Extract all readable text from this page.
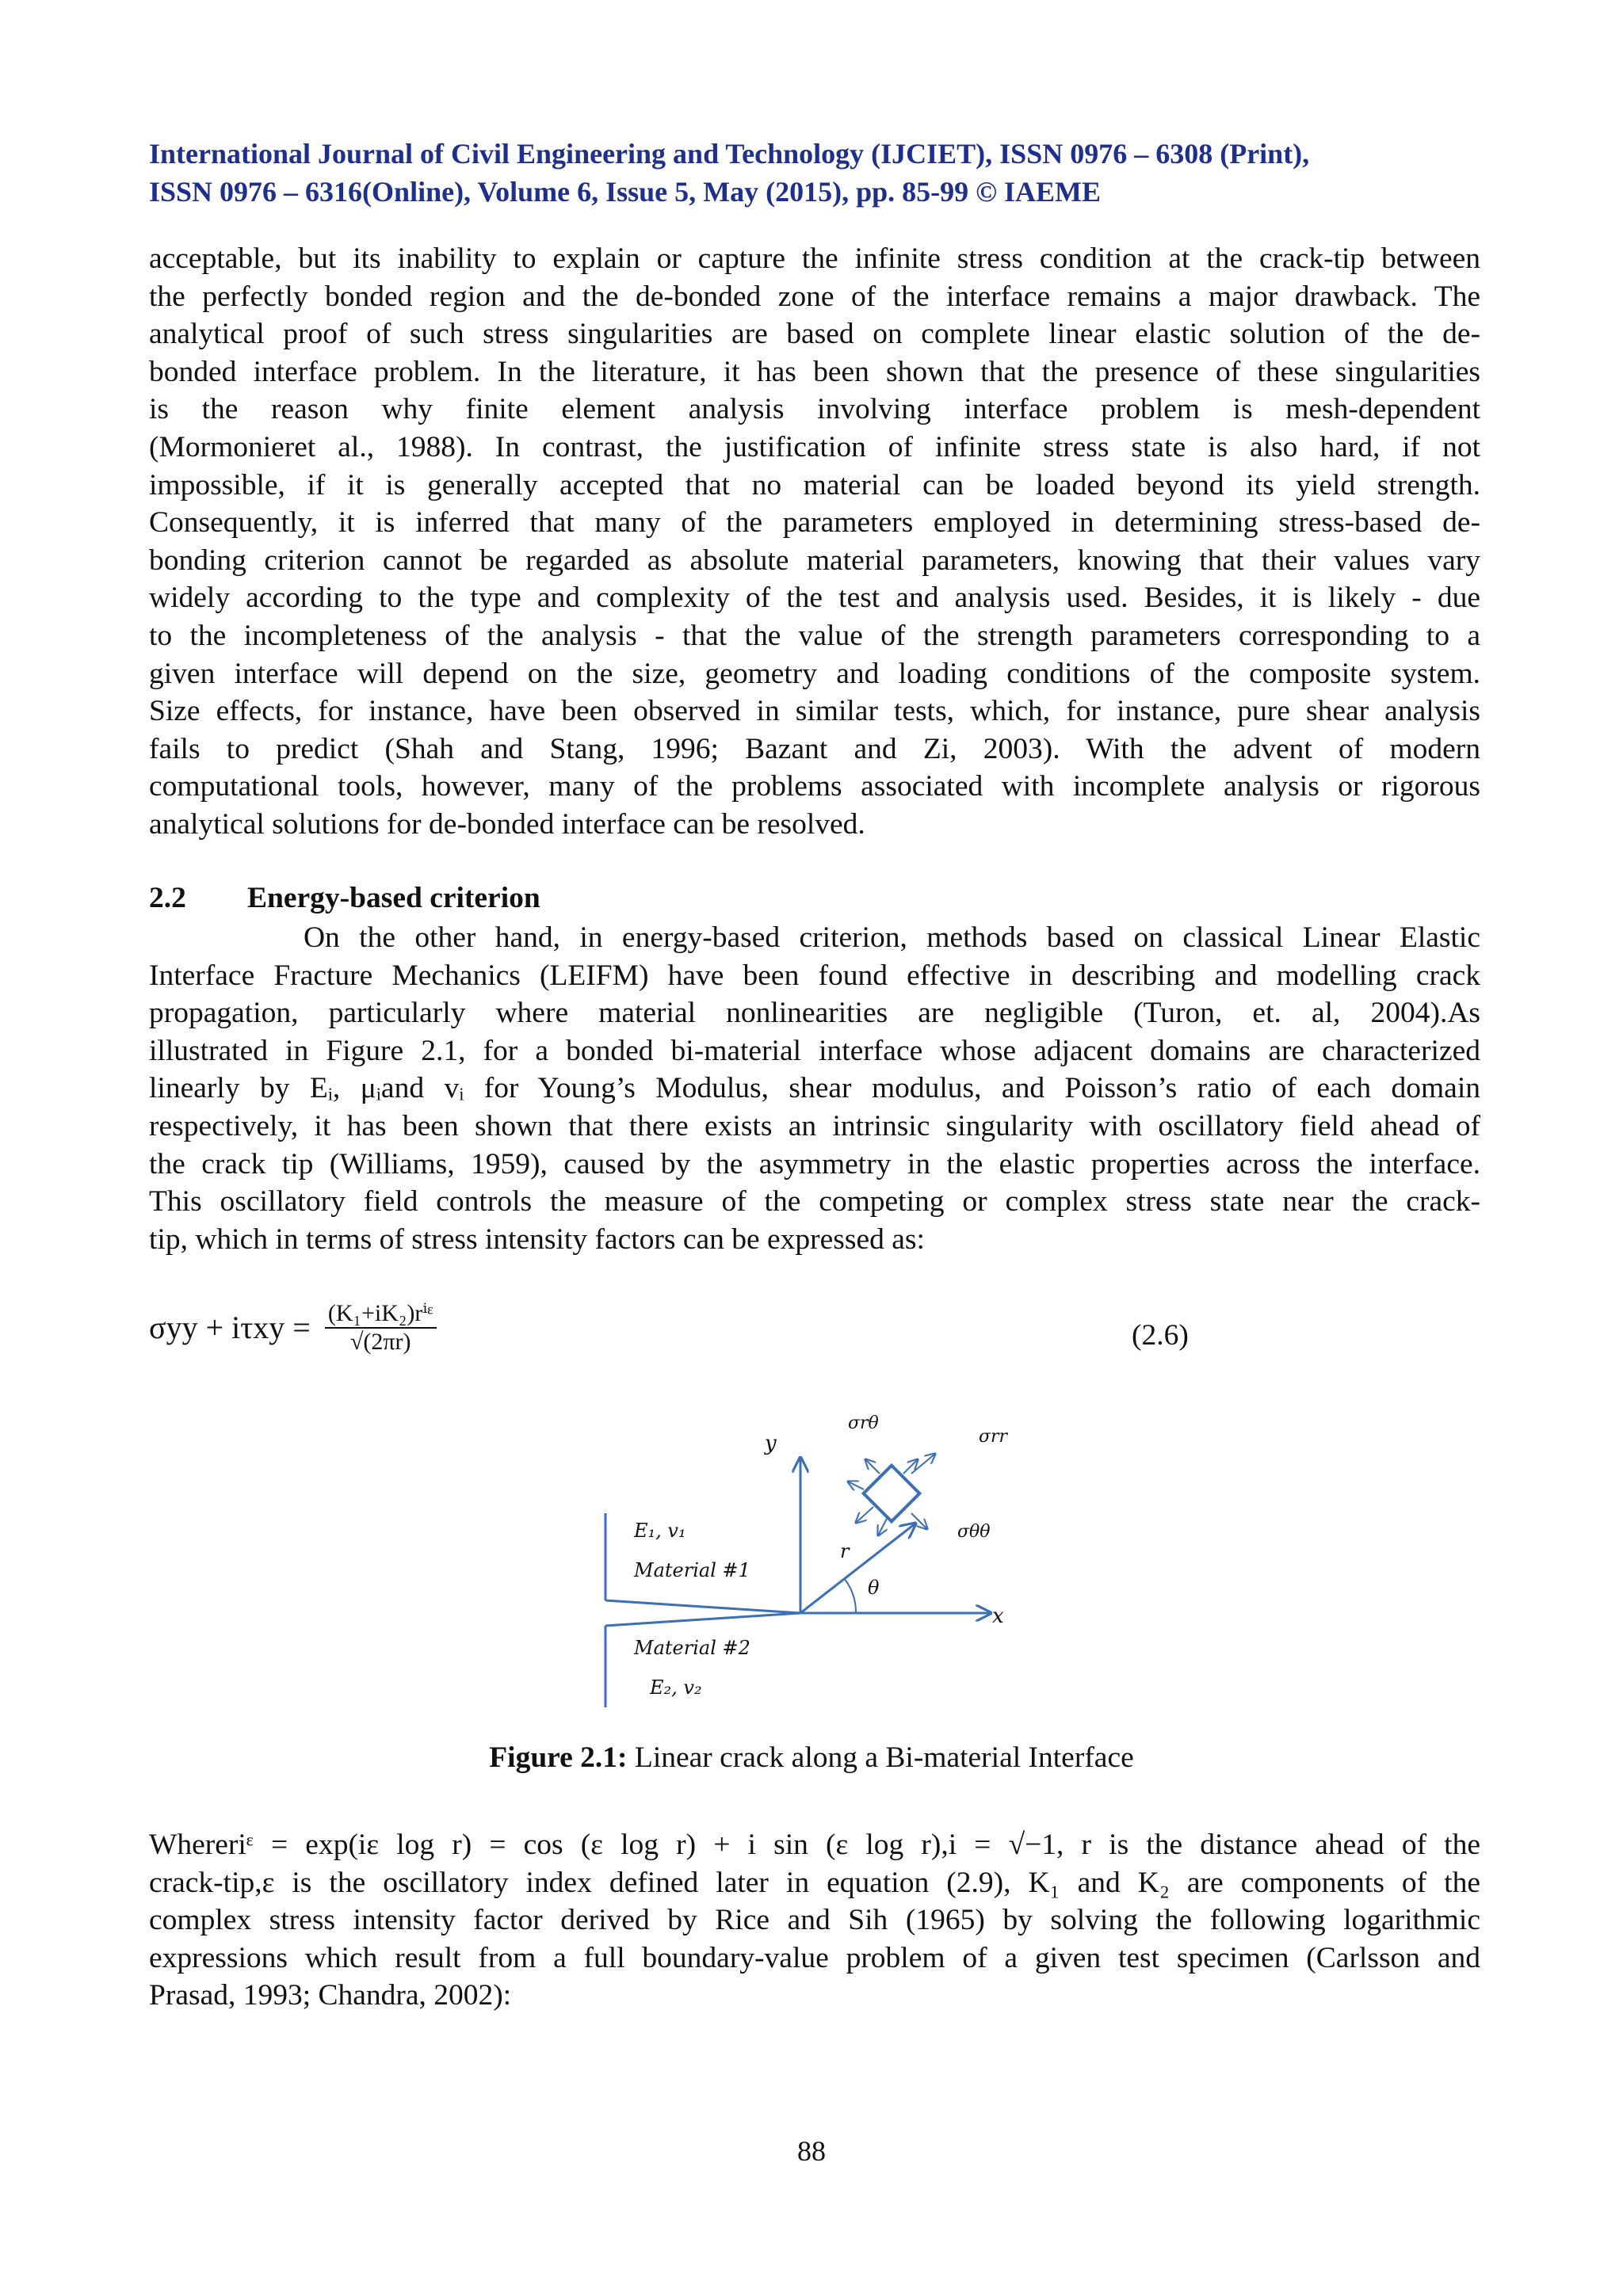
International Journal of Civil Engineering and Technology (IJCIET), ISSN 0976 – 6308 (Print),
ISSN 0976 – 6316(Online), Volume 6, Issue 5, May (2015), pp. 85-99 © IAEME
acceptable, but its inability to explain or capture the infinite stress condition at the crack-tip between
the perfectly bonded region and the de-bonded zone of the interface remains a major drawback. The
analytical proof of such stress singularities are based on complete linear elastic solution of the de-
bonded interface problem. In the literature, it has been shown that the presence of these singularities
is the reason why finite element analysis involving interface problem is mesh-dependent
(Mormonieret al., 1988). In contrast, the justification of infinite stress state is also hard, if not
impossible, if it is generally accepted that no material can be loaded beyond its yield strength.
Consequently, it is inferred that many of the parameters employed in determining stress-based de-
bonding criterion cannot be regarded as absolute material parameters, knowing that their values vary
widely according to the type and complexity of the test and analysis used. Besides, it is likely - due
to the incompleteness of the analysis - that the value of the strength parameters corresponding to a
given interface will depend on the size, geometry and loading conditions of the composite system.
Size effects, for instance, have been observed in similar tests, which, for instance, pure shear analysis
fails to predict (Shah and Stang, 1996; Bazant and Zi, 2003). With the advent of modern
computational tools, however, many of the problems associated with incomplete analysis or rigorous
analytical solutions for de-bonded interface can be resolved.
2.2 Energy-based criterion
On the other hand, in energy-based criterion, methods based on classical Linear Elastic
Interface Fracture Mechanics (LEIFM) have been found effective in describing and modelling crack
propagation, particularly where material nonlinearities are negligible (Turon, et. al, 2004).As
illustrated in Figure 2.1, for a bonded bi-material interface whose adjacent domains are characterized
linearly by Eᵢ, μᵢand vᵢ for Young’s Modulus, shear modulus, and Poisson’s ratio of each domain
respectively, it has been shown that there exists an intrinsic singularity with oscillatory field ahead of
the crack tip (Williams, 1959), caused by the asymmetry in the elastic properties across the interface.
This oscillatory field controls the measure of the competing or complex stress state near the crack-
tip, which in terms of stress intensity factors can be expressed as:
σyy + iτxy = (K₁+iK₂)rⁱᵋ
√(2πr)	(2.6)
y
x
r
θ
σrθ
σrr
σθθ
E₁, v₁
Material #1
Material #2
E₂, v₂
Figure 2.1: Linear crack along a Bi-material Interface
Whereriᵋ = exp(iε log r) = cos (ε log r) + i sin (ε log r),i = √−1, r is the distance ahead of the
crack-tip,ε is the oscillatory index defined later in equation (2.9), K₁ and K₂ are components of the
complex stress intensity factor derived by Rice and Sih (1965) by solving the following logarithmic
expressions which result from a full boundary-value problem of a given test specimen (Carlsson and
Prasad, 1993; Chandra, 2002):
88
